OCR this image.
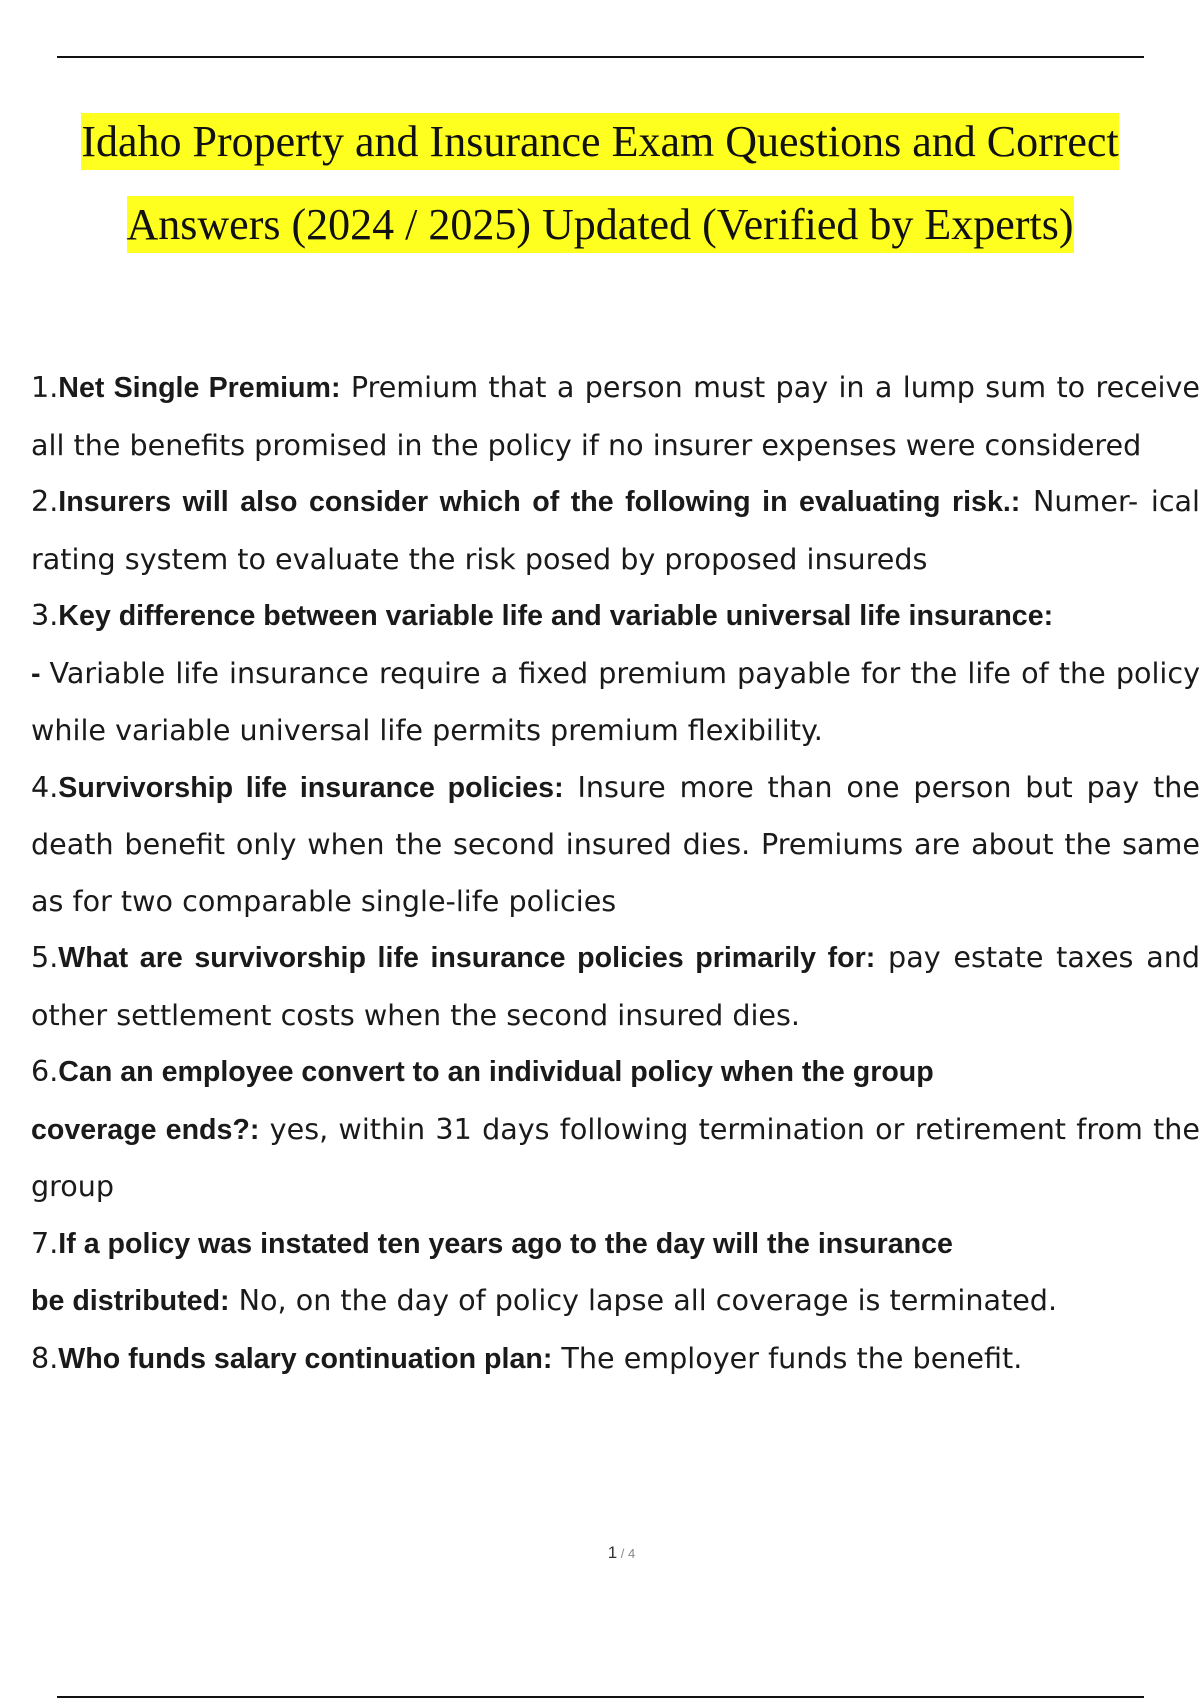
Idaho Property and Insurance Exam Questions and Correct
Answers (2024 / 2025) Updated (Verified by Experts)
1.Net Single Premium: Premium that a person must pay in a lump sum to receive all the benefits promised in the policy if no insurer expenses were considered
2.Insurers will also consider which of the following in evaluating risk.: Numer- ical rating system to evaluate the risk posed by proposed insureds
3.Key difference between variable life and variable universal life insurance:
- Variable life insurance require a fixed premium payable for the life of the policy while variable universal life permits premium flexibility.
4.Survivorship life insurance policies: Insure more than one person but pay the death benefit only when the second insured dies. Premiums are about the same as for two comparable single-life policies
5.What are survivorship life insurance policies primarily for: pay estate taxes and other settlement costs when the second insured dies.
6.Can an employee convert to an individual policy when the group
coverage ends?: yes, within 31 days following termination or retirement from the group
7.If a policy was instated ten years ago to the day will the insurance
be distributed: No, on the day of policy lapse all coverage is terminated.
8.Who funds salary continuation plan: The employer funds the benefit.
1 / 4
